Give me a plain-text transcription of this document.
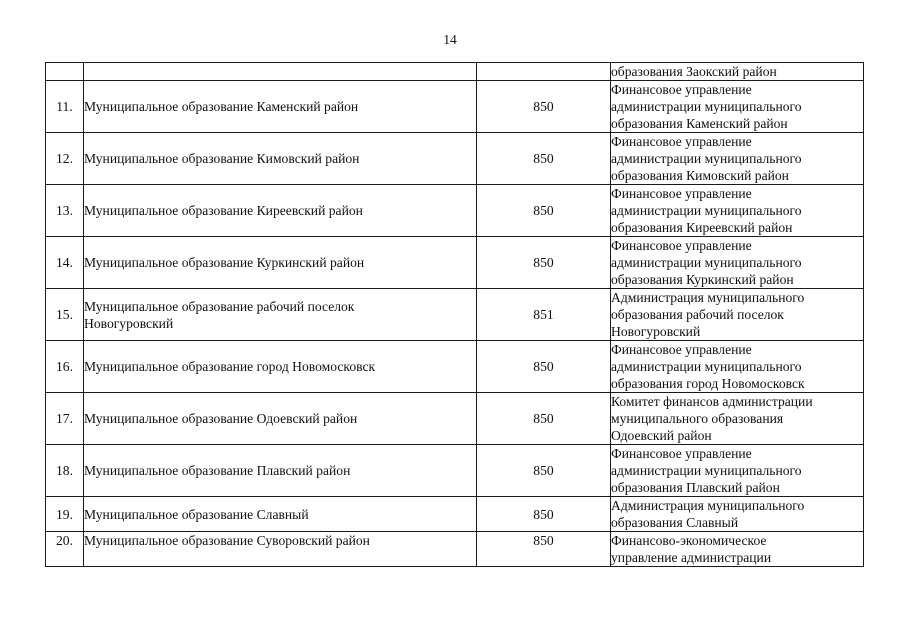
14

			образования Заокский район

11.	Муниципальное образование Каменский район	850	Финансовое управление
администрации муниципального
образования Каменский район

12.	Муниципальное образование Кимовский район	850	Финансовое управление
администрации муниципального
образования Кимовский район

13.	Муниципальное образование Киреевский район	850	Финансовое управление
администрации муниципального
образования Киреевский район

14.	Муниципальное образование Куркинский район	850	Финансовое управление
администрации муниципального
образования Куркинский район

15.	Муниципальное образование рабочий поселок
Новогуровский	851	Администрация муниципального
образования рабочий поселок
Новогуровский

16.	Муниципальное образование город Новомосковск	850	Финансовое управление
администрации муниципального
образования город Новомосковск

17.	Муниципальное образование Одоевский район	850	Комитет финансов администрации
муниципального образования
Одоевский район

18.	Муниципальное образование Плавский район	850	Финансовое управление
администрации муниципального
образования Плавский район

19.	Муниципальное образование Славный	850	Администрация муниципального
образования Славный

20.	Муниципальное образование Суворовский район	850	Финансово-экономическое
управление администрации
